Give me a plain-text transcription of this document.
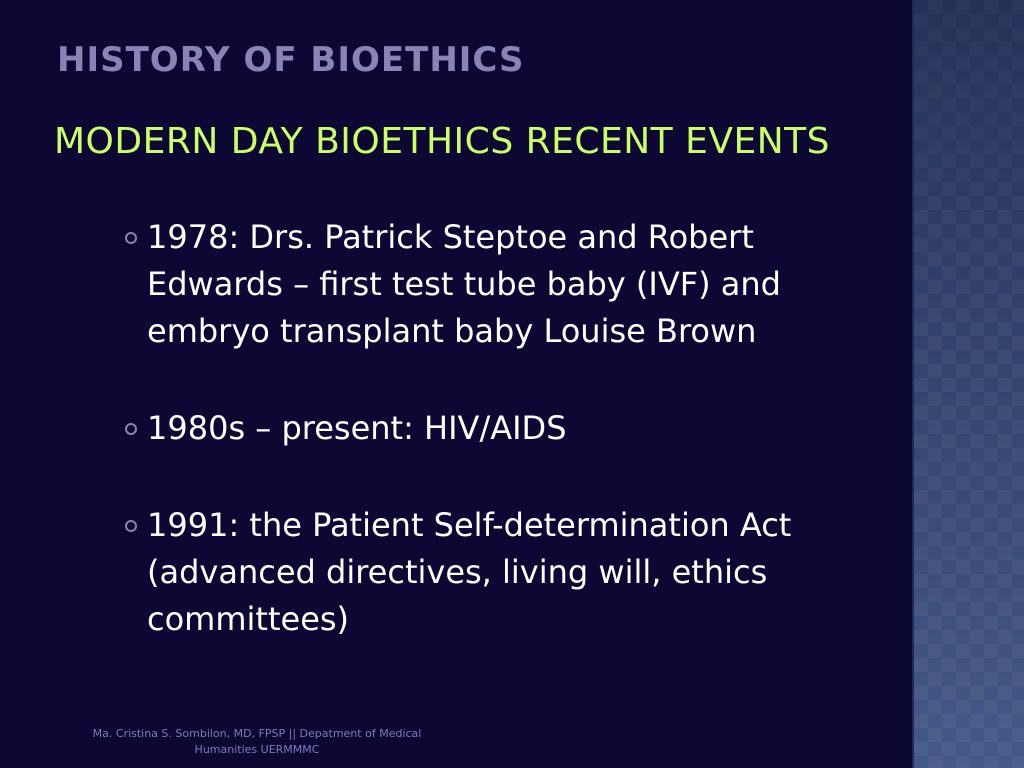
HISTORY OF BIOETHICS
MODERN DAY BIOETHICS RECENT EVENTS
1978: Drs. Patrick Steptoe and Robert Edwards – first test tube baby (IVF) and embryo transplant baby Louise Brown
1980s – present: HIV/AIDS
1991: the Patient Self-determination Act (advanced directives, living will, ethics committees)
Ma. Cristina S. Sombilon, MD, FPSP || Depatment of Medical Humanities UERMMMC
